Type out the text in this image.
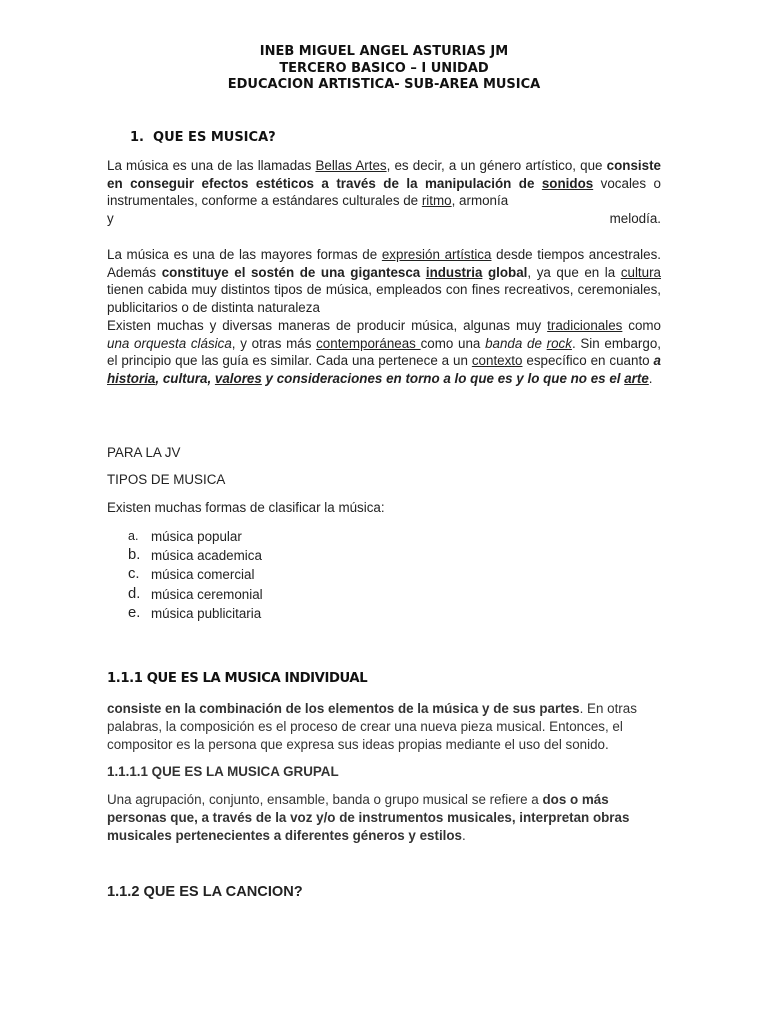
INEB MIGUEL ANGEL ASTURIAS JM
TERCERO BASICO – I UNIDAD
EDUCACION ARTISTICA- SUB-AREA MUSICA
1. QUE ES MUSICA?

La música es una de las llamadas Bellas Artes, es decir, a un género artístico, que consiste en conseguir efectos estéticos a través de la manipulación de sonidos vocales o instrumentales, conforme a estándares culturales de ritmo, armonía

y	melodía.

La música es una de las mayores formas de expresión artística desde tiempos ancestrales. Además constituye el sostén de una gigantesca industria global, ya que en la cultura tienen cabida muy distintos tipos de música, empleados con fines recreativos, ceremoniales, publicitarios o de distinta naturaleza

Existen muchas y diversas maneras de producir música, algunas muy tradicionales como una orquesta clásica, y otras más contemporáneas como una banda de rock. Sin embargo, el principio que las guía es similar. Cada una pertenece a un contexto específico en cuanto a historia, cultura, valores y consideraciones en torno a lo que es y lo que no es el arte.

PARA LA JV
TIPOS DE MUSICA
Existen muchas formas de clasificar la música:
a. música popular
b. música academica
c. música comercial
d. música ceremonial
e. música publicitaria
1.1.1 QUE ES LA MUSICA INDIVIDUAL

consiste en la combinación de los elementos de la música y de sus partes. En otras palabras, la composición es el proceso de crear una nueva pieza musical. Entonces, el compositor es la persona que expresa sus ideas propias mediante el uso del sonido.

1.1.1.1 QUE ES LA MUSICA GRUPAL

Una agrupación, conjunto, ensamble, banda o grupo musical se refiere a dos o más personas que, a través de la voz y/o de instrumentos musicales, interpretan obras musicales pertenecientes a diferentes géneros y estilos.

1.1.2 QUE ES LA CANCION?
